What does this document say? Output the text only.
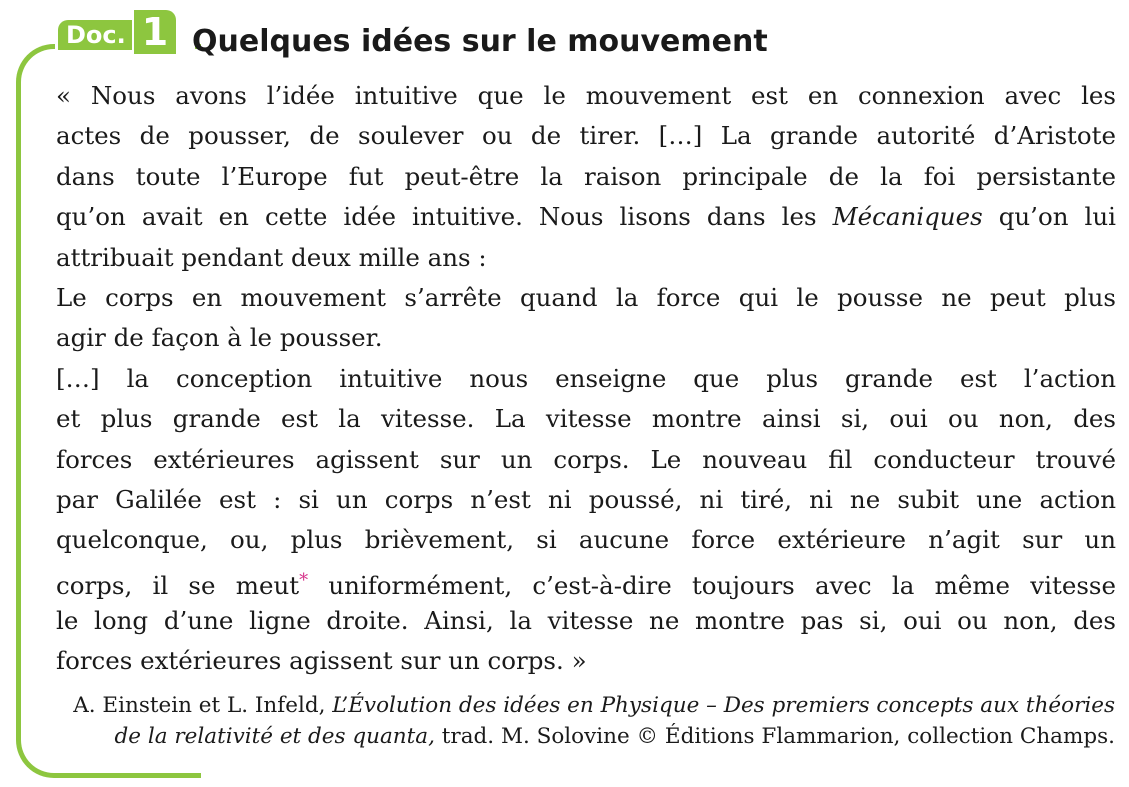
Doc. 1 Quelques idées sur le mouvement
« Nous avons l’idée intuitive que le mouvement est en connexion avec les
actes de pousser, de soulever ou de tirer. […] La grande autorité d’Aristote
dans toute l’Europe fut peut-être la raison principale de la foi persistante
qu’on avait en cette idée intuitive. Nous lisons dans les Mécaniques qu’on lui
attribuait pendant deux mille ans :
Le corps en mouvement s’arrête quand la force qui le pousse ne peut plus
agir de façon à le pousser.
[…] la conception intuitive nous enseigne que plus grande est l’action
et plus grande est la vitesse. La vitesse montre ainsi si, oui ou non, des
forces extérieures agissent sur un corps. Le nouveau fil conducteur trouvé
par Galilée est : si un corps n’est ni poussé, ni tiré, ni ne subit une action
quelconque, ou, plus brièvement, si aucune force extérieure n’agit sur un
corps, il se meut* uniformément, c’est-à-dire toujours avec la même vitesse
le long d’une ligne droite. Ainsi, la vitesse ne montre pas si, oui ou non, des
forces extérieures agissent sur un corps. »
A. Einstein et L. Infeld, L’Évolution des idées en Physique – Des premiers concepts aux théories
de la relativité et des quanta, trad. M. Solovine © Éditions Flammarion, collection Champs.
